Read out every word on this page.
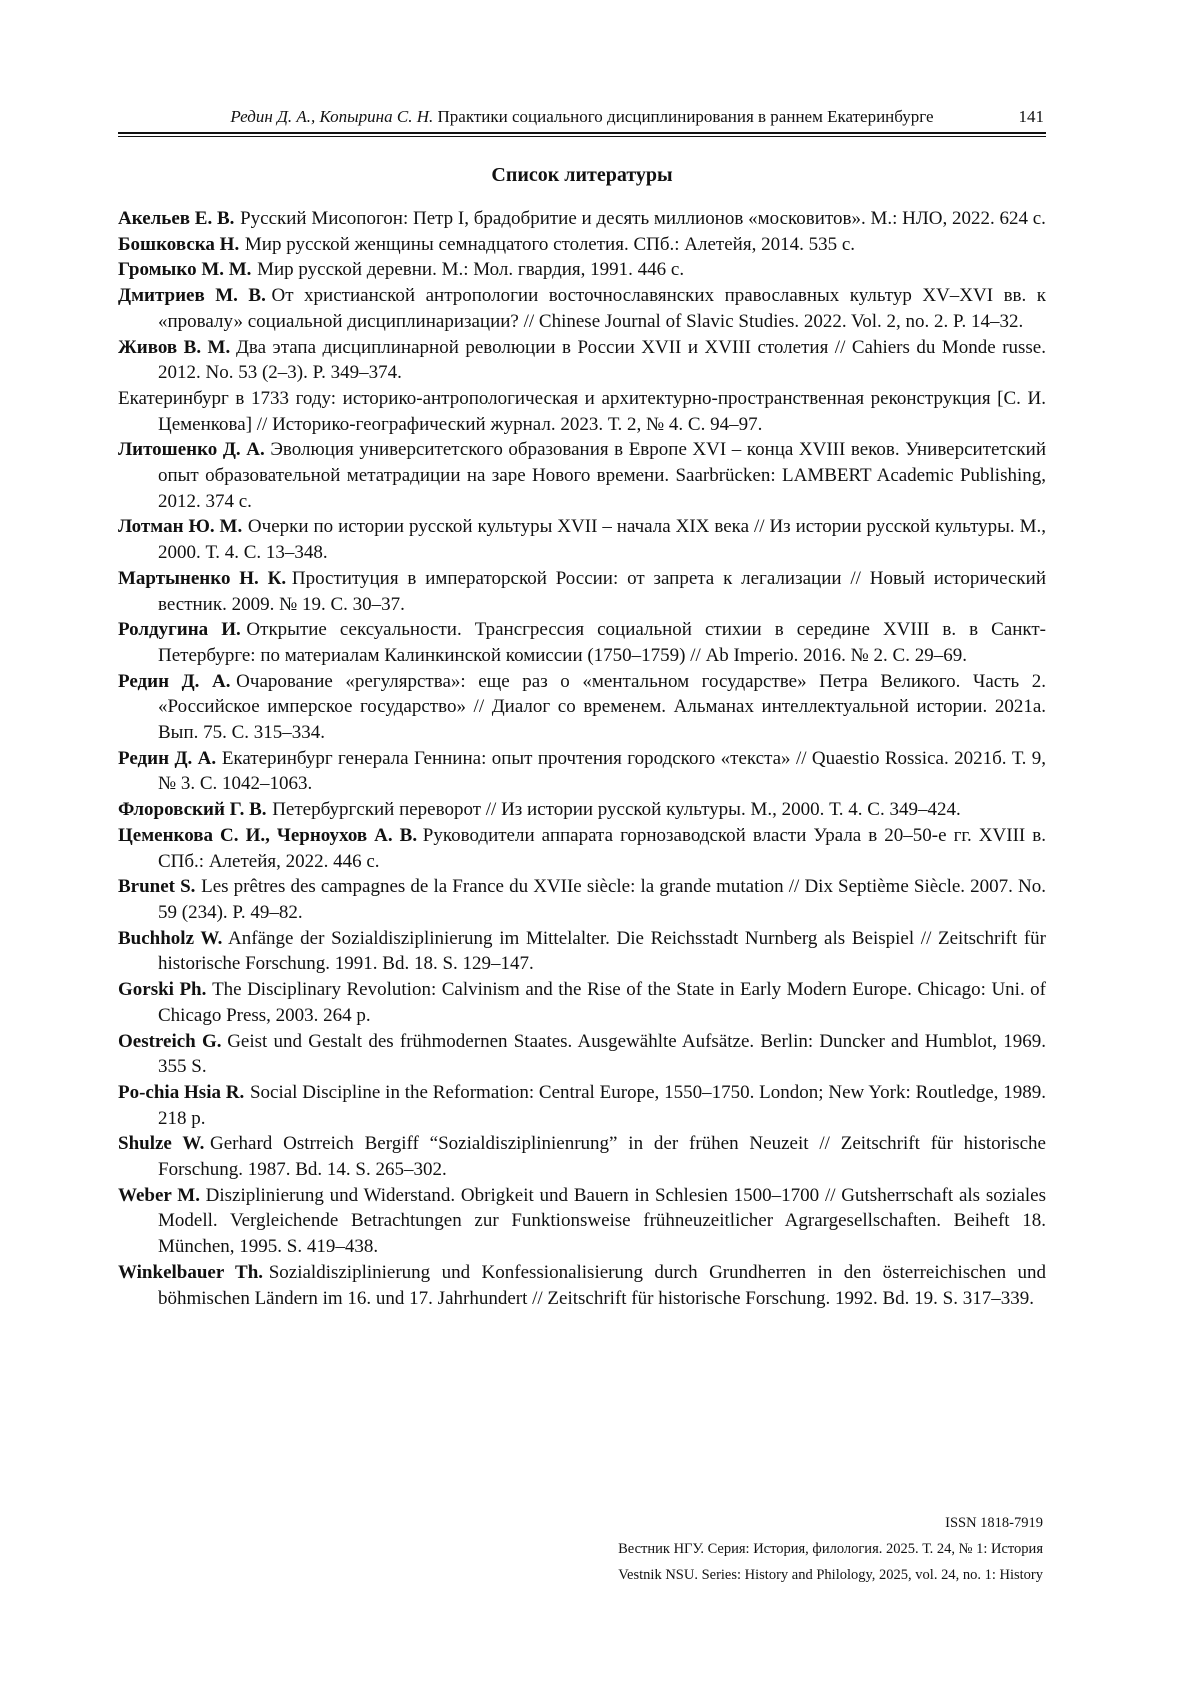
Редин Д. А., Копырина С. Н. Практики социального дисциплинирования в раннем Екатеринбурге	141
Список литературы

Акельев Е. В. Русский Мисопогон: Петр I, брадобритие и десять миллионов «московитов». М.: НЛО, 2022. 624 с.

Бошковска Н. Мир русской женщины семнадцатого столетия. СПб.: Алетейя, 2014. 535 с.

Громыко М. М. Мир русской деревни. М.: Мол. гвардия, 1991. 446 с.

Дмитриев М. В. От христианской антропологии восточнославянских православных культур XV–XVI вв. к «провалу» социальной дисциплинаризации? // Chinese Journal of Slavic Studies. 2022. Vol. 2, no. 2. P. 14–32.

Живов В. М. Два этапа дисциплинарной революции в России XVII и XVIII столетия // Cahiers du Monde russe. 2012. No. 53 (2–3). P. 349–374.

Екатеринбург в 1733 году: историко-антропологическая и архитектурно-пространственная реконструкция [С. И. Цеменкова] // Историко-географический журнал. 2023. Т. 2, № 4. С. 94–97.

Литошенко Д. А. Эволюция университетского образования в Европе XVI – конца XVIII веков. Университетский опыт образовательной метатрадиции на заре Нового времени. Saarbrücken: LAMBERT Academic Publishing, 2012. 374 с.

Лотман Ю. М. Очерки по истории русской культуры XVII – начала XIX века // Из истории русской культуры. М., 2000. Т. 4. С. 13–348.

Мартыненко Н. К. Проституция в императорской России: от запрета к легализации // Новый исторический вестник. 2009. № 19. С. 30–37.

Ролдугина И. Открытие сексуальности. Трансгрессия социальной стихии в середине XVIII в. в Санкт-Петербурге: по материалам Калинкинской комиссии (1750–1759) // Ab Imperio. 2016. № 2. С. 29–69.

Редин Д. А. Очарование «регулярства»: еще раз о «ментальном государстве» Петра Великого. Часть 2. «Российское имперское государство» // Диалог со временем. Альманах интеллектуальной истории. 2021а. Вып. 75. С. 315–334.

Редин Д. А. Екатеринбург генерала Геннина: опыт прочтения городского «текста» // Quaestio Rossica. 2021б. Т. 9, № 3. С. 1042–1063.

Флоровский Г. В. Петербургский переворот // Из истории русской культуры. М., 2000. Т. 4. С. 349–424.

Цеменкова С. И., Черноухов А. В. Руководители аппарата горнозаводской власти Урала в 20–50-е гг. XVIII в. СПб.: Алетейя, 2022. 446 с.

Brunet S. Les prêtres des campagnes de la France du XVIIe siècle: la grande mutation // Dix Septième Siècle. 2007. No. 59 (234). P. 49–82.

Buchholz W. Anfänge der Sozialdisziplinierung im Mittelalter. Die Reichsstadt Nurnberg als Beispiel // Zeitschrift für historische Forschung. 1991. Bd. 18. S. 129–147.

Gorski Ph. The Disciplinary Revolution: Calvinism and the Rise of the State in Early Modern Europe. Chicago: Uni. of Chicago Press, 2003. 264 p.

Oestreich G. Geist und Gestalt des frühmodernen Staates. Ausgewählte Aufsätze. Berlin: Duncker and Humblot, 1969. 355 S.

Po-chia Hsia R. Social Discipline in the Reformation: Central Europe, 1550–1750. London; New York: Routledge, 1989. 218 p.

Shulze W. Gerhard Ostrreich Bergiff “Sozialdisziplinienrung” in der frühen Neuzeit // Zeitschrift für historische Forschung. 1987. Bd. 14. S. 265–302.

Weber M. Disziplinierung und Widerstand. Obrigkeit und Bauern in Schlesien 1500–1700 // Gutsherrschaft als soziales Modell. Vergleichende Betrachtungen zur Funktionsweise frühneuzeitlicher Agrargesellschaften. Beiheft 18. München, 1995. S. 419–438.

Winkelbauer Th. Sozialdisziplinierung und Konfessionalisierung durch Grundherren in den österreichischen und böhmischen Ländern im 16. und 17. Jahrhundert // Zeitschrift für historische Forschung. 1992. Bd. 19. S. 317–339.

ISSN 1818-7919
Вестник НГУ. Серия: История, филология. 2025. Т. 24, № 1: История
Vestnik NSU. Series: History and Philology, 2025, vol. 24, no. 1: History
